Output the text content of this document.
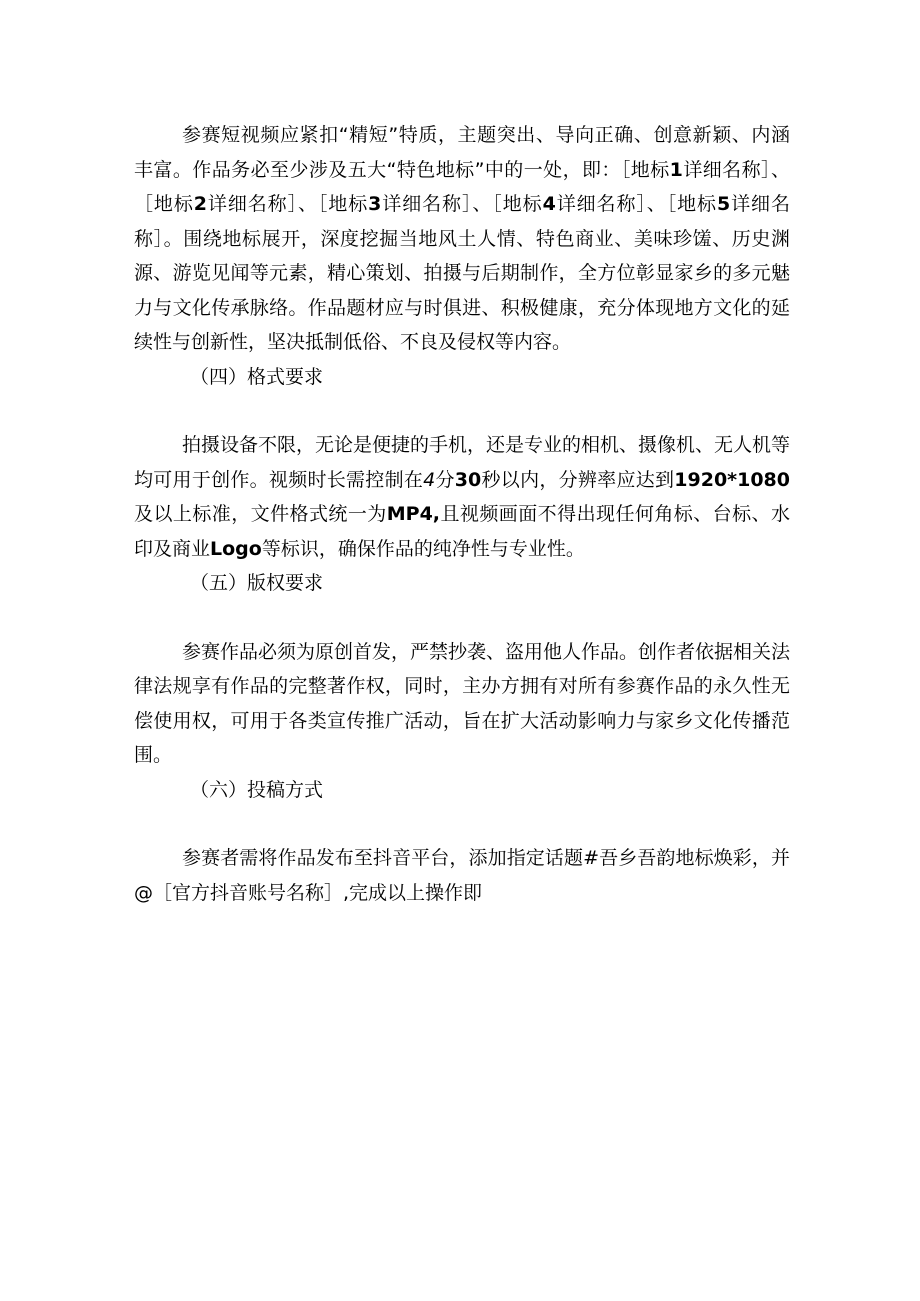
参赛短视频应紧扣“精短”特质，主题突出、导向正确、创意新颖、内涵丰富。作品务必至少涉及五大“特色地标”中的一处，即：［地标1详细名称］、［地标2详细名称］、［地标3详细名称］、［地标4详细名称］、［地标5详细名称］。围绕地标展开，深度挖掘当地风土人情、特色商业、美味珍馐、历史渊源、游览见闻等元素，精心策划、拍摄与后期制作，全方位彰显家乡的多元魅力与文化传承脉络。作品题材应与时俱进、积极健康，充分体现地方文化的延续性与创新性，坚决抵制低俗、不良及侵权等内容。

（四）格式要求

拍摄设备不限，无论是便捷的手机，还是专业的相机、摄像机、无人机等均可用于创作。视频时长需控制在4分30秒以内，分辨率应达到1920*1080及以上标准，文件格式统一为MP4,且视频画面不得出现任何角标、台标、水印及商业Logo等标识，确保作品的纯净性与专业性。

（五）版权要求

参赛作品必须为原创首发，严禁抄袭、盗用他人作品。创作者依据相关法律法规享有作品的完整著作权，同时，主办方拥有对所有参赛作品的永久性无偿使用权，可用于各类宣传推广活动，旨在扩大活动影响力与家乡文化传播范围。

（六）投稿方式

参赛者需将作品发布至抖音平台，添加指定话题#吾乡吾韵地标焕彩，并@［官方抖音账号名称］,完成以上操作即
